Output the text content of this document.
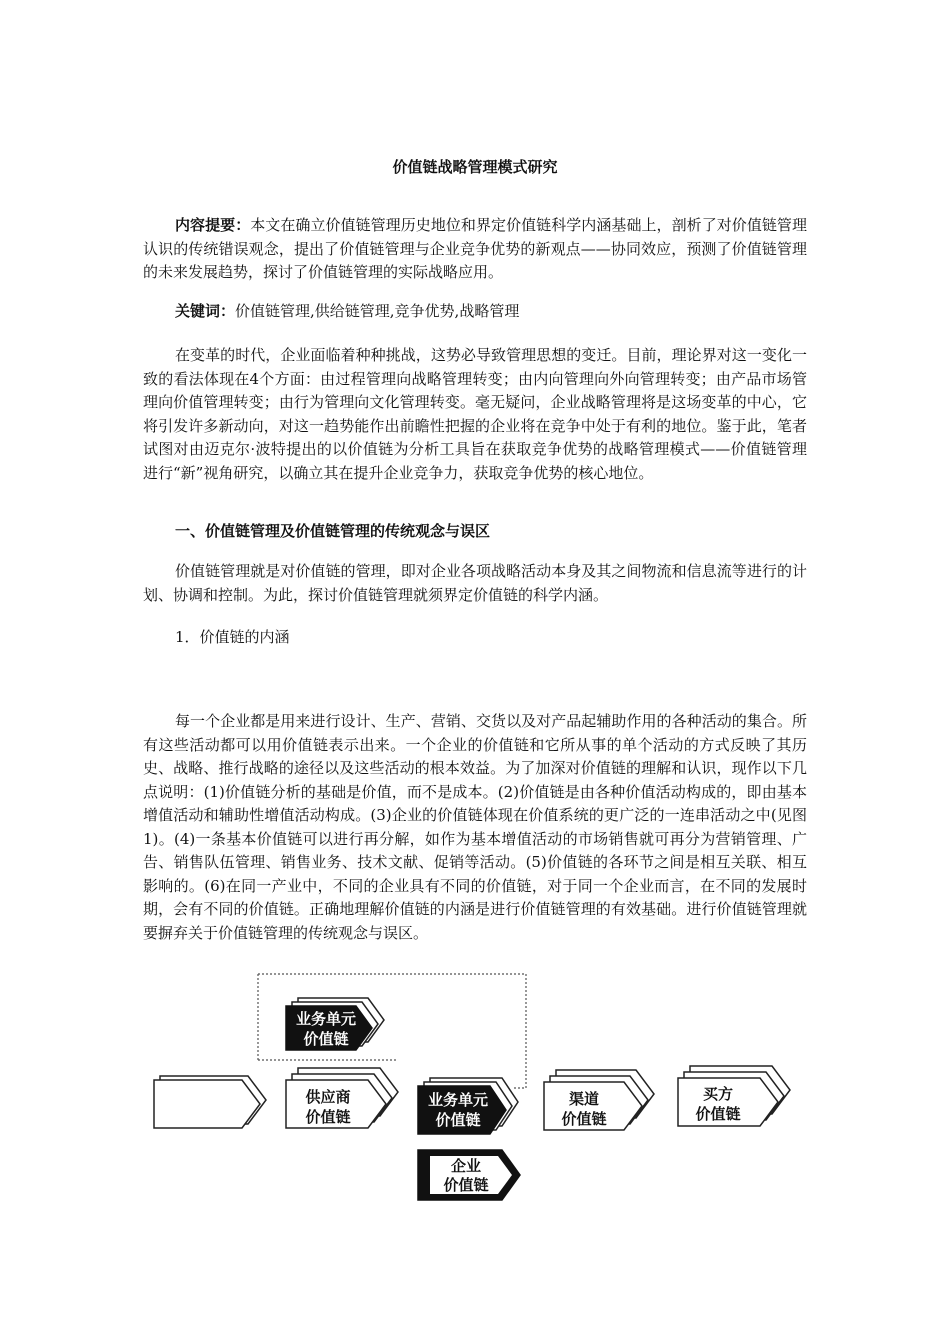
价值链战略管理模式研究

内容提要：本文在确立价值链管理历史地位和界定价值链科学内涵基础上，剖析了对价值链管理认识的传统错误观念，提出了价值链管理与企业竞争优势的新观点——协同效应，预测了价值链管理的未来发展趋势，探讨了价值链管理的实际战略应用。

关键词：价值链管理,供给链管理,竞争优势,战略管理

在变革的时代，企业面临着种种挑战，这势必导致管理思想的变迁。目前，理论界对这一变化一致的看法体现在4个方面：由过程管理向战略管理转变；由内向管理向外向管理转变；由产品市场管理向价值管理转变；由行为管理向文化管理转变。毫无疑问，企业战略管理将是这场变革的中心，它将引发许多新动向，对这一趋势能作出前瞻性把握的企业将在竞争中处于有利的地位。鉴于此，笔者试图对由迈克尔·波特提出的以价值链为分析工具旨在获取竞争优势的战略管理模式——价值链管理进行“新”视角研究，以确立其在提升企业竞争力，获取竞争优势的核心地位。

一、价值链管理及价值链管理的传统观念与误区

价值链管理就是对价值链的管理，即对企业各项战略活动本身及其之间物流和信息流等进行的计划、协调和控制。为此，探讨价值链管理就须界定价值链的科学内涵。

1．价值链的内涵

每一个企业都是用来进行设计、生产、营销、交货以及对产品起辅助作用的各种活动的集合。所有这些活动都可以用价值链表示出来。一个企业的价值链和它所从事的单个活动的方式反映了其历史、战略、推行战略的途径以及这些活动的根本效益。为了加深对价值链的理解和认识，现作以下几点说明：(1)价值链分析的基础是价值，而不是成本。(2)价值链是由各种价值活动构成的，即由基本增值活动和辅助性增值活动构成。(3)企业的价值链体现在价值系统的更广泛的一连串活动之中(见图1)。(4)一条基本价值链可以进行再分解，如作为基本增值活动的市场销售就可再分为营销管理、广告、销售队伍管理、销售业务、技术文献、促销等活动。(5)价值链的各环节之间是相互关联、相互影响的。(6)在同一产业中，不同的企业具有不同的价值链，对于同一个企业而言，在不同的发展时期，会有不同的价值链。正确地理解价值链的内涵是进行价值链管理的有效基础。进行价值链管理就要摒弃关于价值链管理的传统观念与误区。

业务单元
价值链
供应商
价值链
业务单元
价值链
渠道
价值链
买方
价值链
企业
价值链
